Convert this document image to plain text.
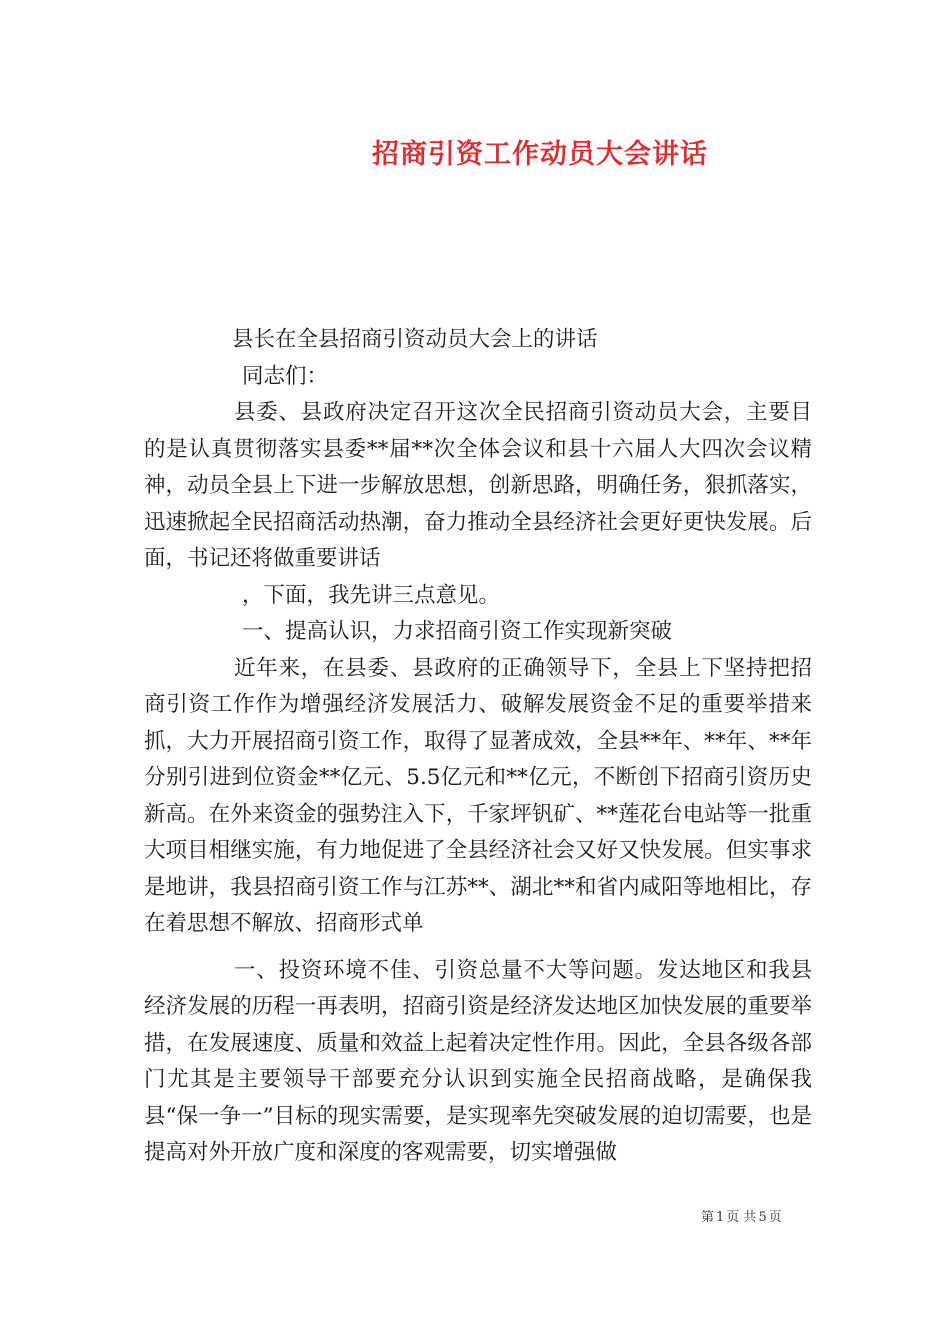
招商引资工作动员大会讲话

县长在全县招商引资动员大会上的讲话

同志们：

县委、县政府决定召开这次全民招商引资动员大会，主要目的是认真贯彻落实县委**届**次全体会议和县十六届人大四次会议精神，动员全县上下进一步解放思想，创新思路，明确任务，狠抓落实，迅速掀起全民招商活动热潮，奋力推动全县经济社会更好更快发展。后面，书记还将做重要讲话

，下面，我先讲三点意见。

一、提高认识，力求招商引资工作实现新突破

近年来，在县委、县政府的正确领导下，全县上下坚持把招商引资工作作为增强经济发展活力、破解发展资金不足的重要举措来抓，大力开展招商引资工作，取得了显著成效，全县**年、**年、**年分别引进到位资金**亿元、5.5亿元和**亿元，不断创下招商引资历史新高。在外来资金的强势注入下，千家坪钒矿、**莲花台电站等一批重大项目相继实施，有力地促进了全县经济社会又好又快发展。但实事求是地讲，我县招商引资工作与江苏**、湖北**和省内咸阳等地相比，存在着思想不解放、招商形式单

一、投资环境不佳、引资总量不大等问题。发达地区和我县经济发展的历程一再表明，招商引资是经济发达地区加快发展的重要举措，在发展速度、质量和效益上起着决定性作用。因此，全县各级各部门尤其是主要领导干部要充分认识到实施全民招商战略，是确保我县“保一争一”目标的现实需要，是实现率先突破发展的迫切需要，也是提高对外开放广度和深度的客观需要，切实增强做

第 1 页 共 5 页
